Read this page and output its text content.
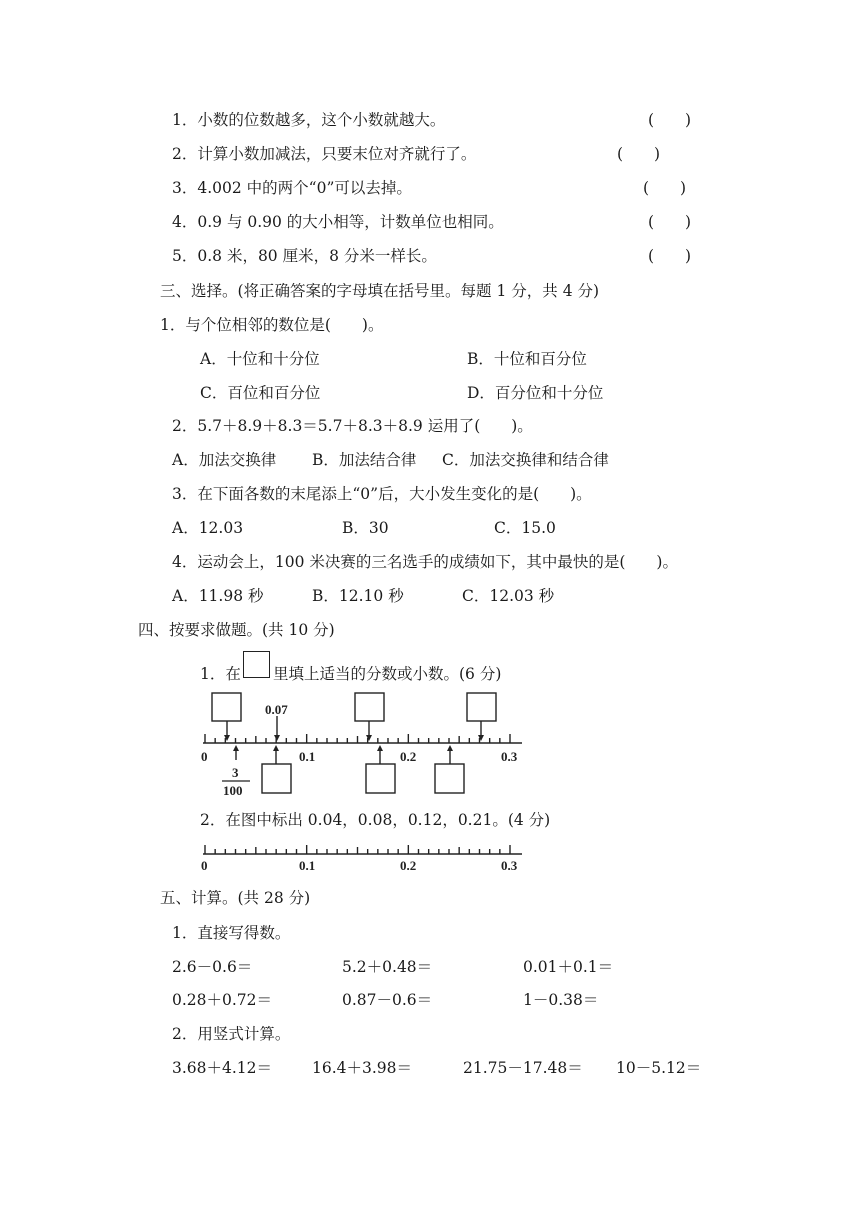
1．小数的位数越多，这个小数就越大。	(　　)
2．计算小数加减法，只要末位对齐就行了。	(　　)
3．4.002 中的两个“0”可以去掉。	(　　)
4．0.9 与 0.90 的大小相等，计数单位也相同。	(　　)
5．0.8 米，80 厘米，8 分米一样长。	(　　)
三、选择。(将正确答案的字母填在括号里。每题 1 分，共 4 分)
1．与个位相邻的数位是(　　)。
A．十位和十分位	B．十位和百分位
C．百位和百分位	D．百分位和十分位
2．5.7＋8.9＋8.3＝5.7＋8.3＋8.9 运用了(　　)。
A．加法交换律 B．加法结合律 C．加法交换律和结合律
3．在下面各数的末尾添上“0”后，大小发生变化的是(　　)。
A．12.03	B．30	C．15.0
4．运动会上，100 米决赛的三名选手的成绩如下，其中最快的是(　　)。
A．11.98 秒	B．12.10 秒	C．12.03 秒
四、按要求做题。(共 10 分)
1．在 里填上适当的分数或小数。(6 分)
0.07
0	0.1	0.2	0.3
3
100
2．在图中标出 0.04，0.08，0.12，0.21。(4 分)
0	0.1	0.2	0.3
五、计算。(共 28 分)
1．直接写得数。
2.6－0.6＝	5.2＋0.48＝	0.01＋0.1＝
0.28＋0.72＝	0.87－0.6＝	1－0.38＝
2．用竖式计算。
3.68＋4.12＝	16.4＋3.98＝	21.75－17.48＝ 10－5.12＝
